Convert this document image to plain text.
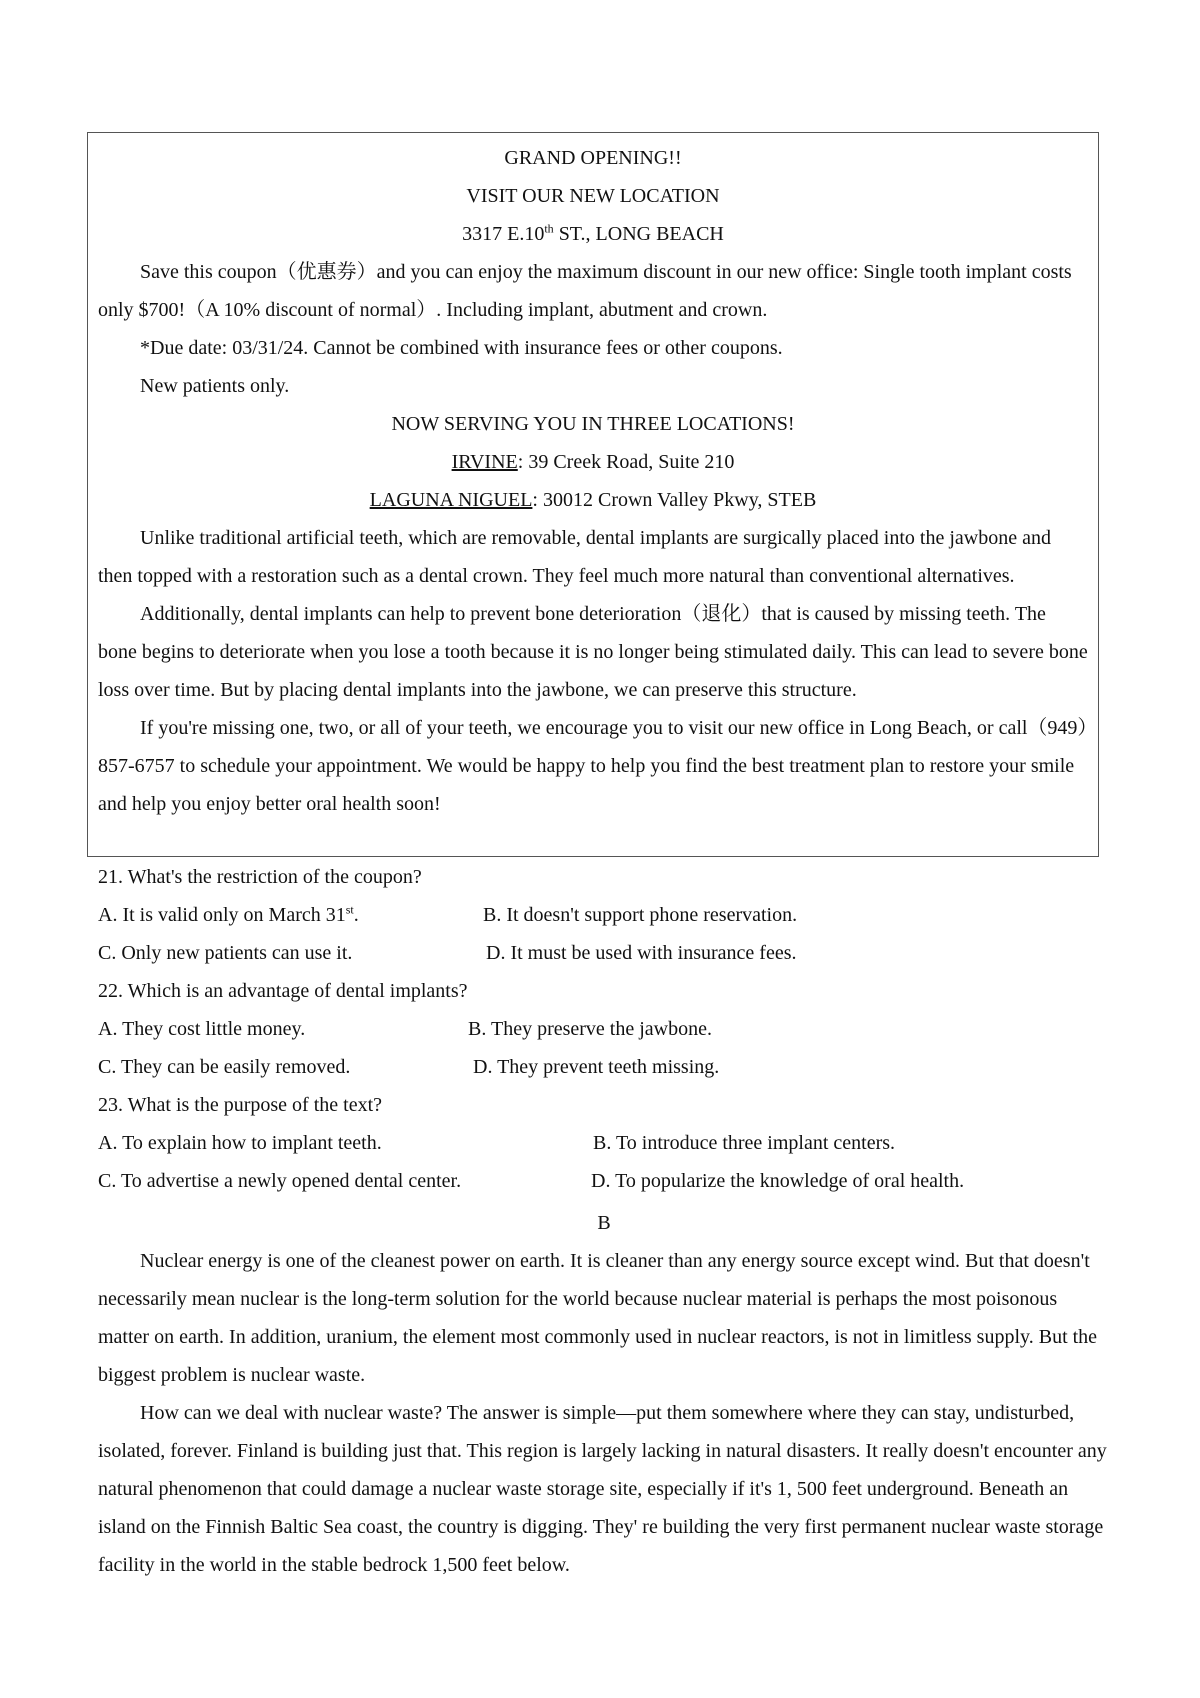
GRAND OPENING!!

VISIT OUR NEW LOCATION

3317 E.10th ST., LONG BEACH

Save this coupon（优惠券）and you can enjoy the maximum discount in our new office: Single tooth implant costs only $700!（A 10% discount of normal）. Including implant, abutment and crown.

*Due date: 03/31/24. Cannot be combined with insurance fees or other coupons.

New patients only.

NOW SERVING YOU IN THREE LOCATIONS!

IRVINE: 39 Creek Road, Suite 210

LAGUNA NIGUEL: 30012 Crown Valley Pkwy, STEB

Unlike traditional artificial teeth, which are removable, dental implants are surgically placed into the jawbone and then topped with a restoration such as a dental crown. They feel much more natural than conventional alternatives.

Additionally, dental implants can help to prevent bone deterioration（退化）that is caused by missing teeth. The bone begins to deteriorate when you lose a tooth because it is no longer being stimulated daily. This can lead to severe bone loss over time. But by placing dental implants into the jawbone, we can preserve this structure.

If you're missing one, two, or all of your teeth, we encourage you to visit our new office in Long Beach, or call（949）857-6757 to schedule your appointment. We would be happy to help you find the best treatment plan to restore your smile and help you enjoy better oral health soon!

21. What's the restriction of the coupon?
A. It is valid only on March 31st.	B. It doesn't support phone reservation.
C. Only new patients can use it.	D. It must be used with insurance fees.
22. Which is an advantage of dental implants?
A. They cost little money.	B. They preserve the jawbone.
C. They can be easily removed.	D. They prevent teeth missing.
23. What is the purpose of the text?
A. To explain how to implant teeth.	B. To introduce three implant centers.
C. To advertise a newly opened dental center.	D. To popularize the knowledge of oral health.

B

Nuclear energy is one of the cleanest power on earth. It is cleaner than any energy source except wind. But that doesn't necessarily mean nuclear is the long-term solution for the world because nuclear material is perhaps the most poisonous matter on earth. In addition, uranium, the element most commonly used in nuclear reactors, is not in limitless supply. But the biggest problem is nuclear waste.

How can we deal with nuclear waste? The answer is simple—put them somewhere where they can stay, undisturbed, isolated, forever. Finland is building just that. This region is largely lacking in natural disasters. It really doesn't encounter any natural phenomenon that could damage a nuclear waste storage site, especially if it's 1, 500 feet underground. Beneath an island on the Finnish Baltic Sea coast, the country is digging. They' re building the very first permanent nuclear waste storage facility in the world in the stable bedrock 1,500 feet below.
